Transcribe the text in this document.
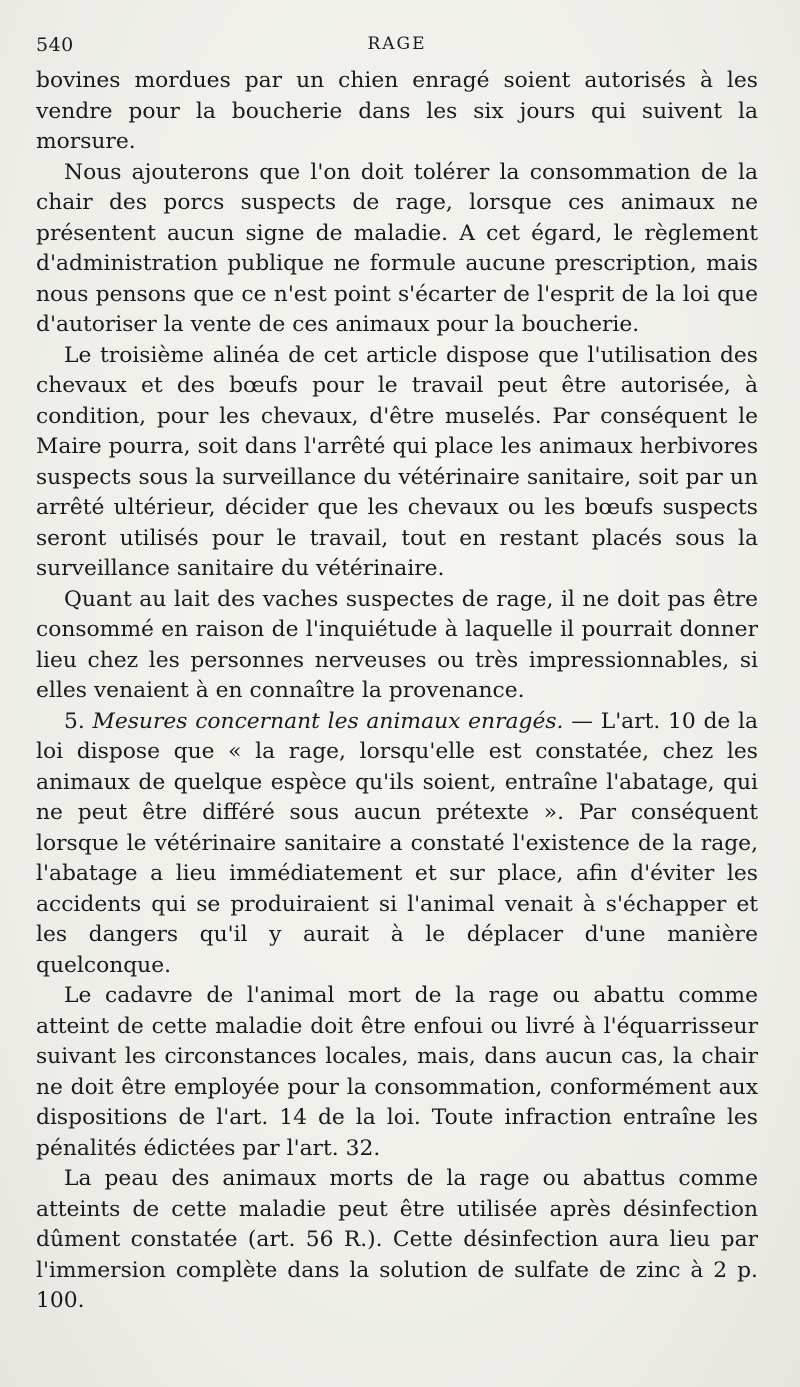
540	RAGE

bovines mordues par un chien enragé soient autorisés à les vendre pour la boucherie dans les six jours qui suivent la morsure.

Nous ajouterons que l'on doit tolérer la consommation de la chair des porcs suspects de rage, lorsque ces animaux ne présentent aucun signe de maladie. A cet égard, le règlement d'administration publique ne formule aucune prescription, mais nous pensons que ce n'est point s'écarter de l'esprit de la loi que d'autoriser la vente de ces animaux pour la boucherie.

Le troisième alinéa de cet article dispose que l'utilisation des chevaux et des bœufs pour le travail peut être autorisée, à condition, pour les chevaux, d'être muselés. Par conséquent le Maire pourra, soit dans l'arrêté qui place les animaux herbivores suspects sous la surveillance du vétérinaire sanitaire, soit par un arrêté ultérieur, décider que les chevaux ou les bœufs suspects seront utilisés pour le travail, tout en restant placés sous la surveillance sanitaire du vétérinaire.

Quant au lait des vaches suspectes de rage, il ne doit pas être consommé en raison de l'inquiétude à laquelle il pourrait donner lieu chez les personnes nerveuses ou très impressionnables, si elles venaient à en connaître la provenance.

5. Mesures concernant les animaux enragés. — L'art. 10 de la loi dispose que « la rage, lorsqu'elle est constatée, chez les animaux de quelque espèce qu'ils soient, entraîne l'abatage, qui ne peut être différé sous aucun prétexte ». Par conséquent lorsque le vétérinaire sanitaire a constaté l'existence de la rage, l'abatage a lieu immédiatement et sur place, afin d'éviter les accidents qui se produiraient si l'animal venait à s'échapper et les dangers qu'il y aurait à le déplacer d'une manière quelconque.

Le cadavre de l'animal mort de la rage ou abattu comme atteint de cette maladie doit être enfoui ou livré à l'équarrisseur suivant les circonstances locales, mais, dans aucun cas, la chair ne doit être employée pour la consommation, conformément aux dispositions de l'art. 14 de la loi. Toute infraction entraîne les pénalités édictées par l'art. 32.

La peau des animaux morts de la rage ou abattus comme atteints de cette maladie peut être utilisée après désinfection dûment constatée (art. 56 R.). Cette désinfection aura lieu par l'immersion complète dans la solution de sulfate de zinc à 2 p. 100.
